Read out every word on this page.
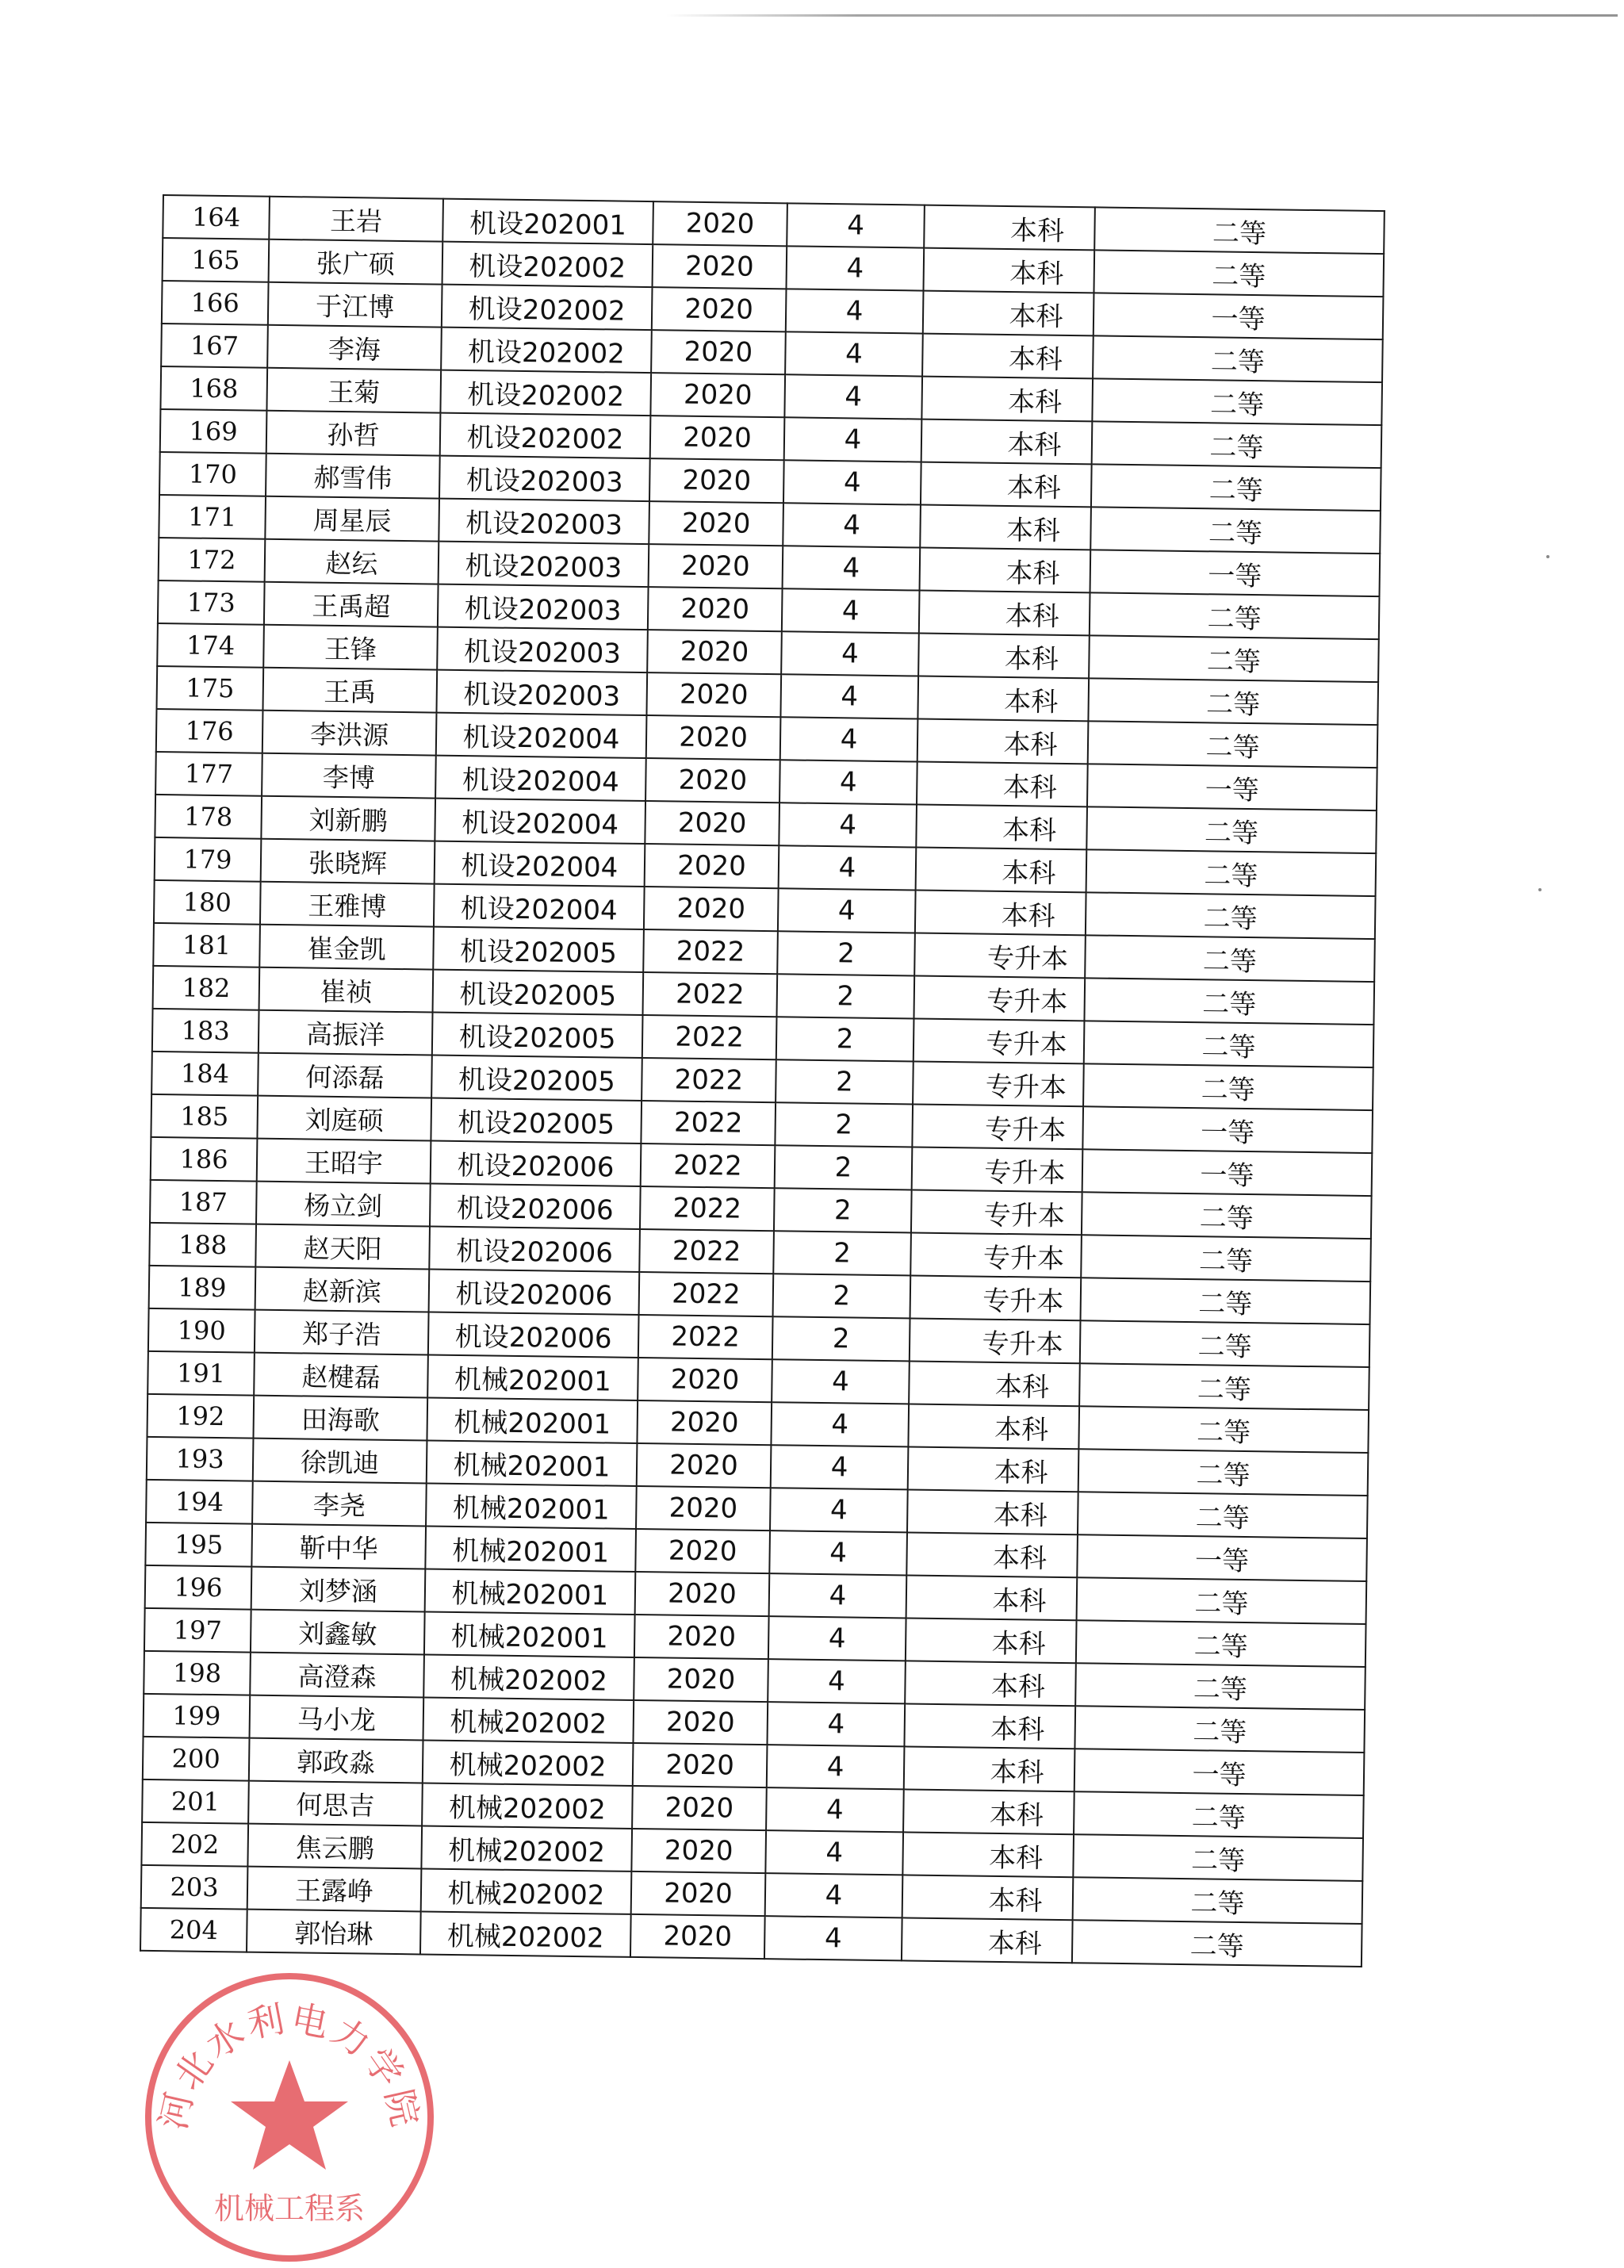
164	王岩	机设202001	2020	4	本科	二等
165	张广硕	机设202002	2020	4	本科	二等
166	于江博	机设202002	2020	4	本科	一等
167	李海	机设202002	2020	4	本科	二等
168	王菊	机设202002	2020	4	本科	二等
169	孙哲	机设202002	2020	4	本科	二等
170	郝雪伟	机设202003	2020	4	本科	二等
171	周星辰	机设202003	2020	4	本科	二等
172	赵纭	机设202003	2020	4	本科	一等
173	王禹超	机设202003	2020	4	本科	二等
174	王锋	机设202003	2020	4	本科	二等
175	王禹	机设202003	2020	4	本科	二等
176	李洪源	机设202004	2020	4	本科	二等
177	李博	机设202004	2020	4	本科	一等
178	刘新鹏	机设202004	2020	4	本科	二等
179	张晓辉	机设202004	2020	4	本科	二等
180	王雅博	机设202004	2020	4	本科	二等
181	崔金凯	机设202005	2022	2	专升本	二等
182	崔祯	机设202005	2022	2	专升本	二等
183	高振洋	机设202005	2022	2	专升本	二等
184	何添磊	机设202005	2022	2	专升本	二等
185	刘庭硕	机设202005	2022	2	专升本	一等
186	王昭宇	机设202006	2022	2	专升本	一等
187	杨立剑	机设202006	2022	2	专升本	二等
188	赵天阳	机设202006	2022	2	专升本	二等
189	赵新滨	机设202006	2022	2	专升本	二等
190	郑子浩	机设202006	2022	2	专升本	二等
191	赵楗磊	机械202001	2020	4	本科	二等
192	田海歌	机械202001	2020	4	本科	二等
193	徐凯迪	机械202001	2020	4	本科	二等
194	李尧	机械202001	2020	4	本科	二等
195	靳中华	机械202001	2020	4	本科	一等
196	刘梦涵	机械202001	2020	4	本科	二等
197	刘鑫敏	机械202001	2020	4	本科	二等
198	高澄森	机械202002	2020	4	本科	二等
199	马小龙	机械202002	2020	4	本科	二等
200	郭政淼	机械202002	2020	4	本科	一等
201	何思吉	机械202002	2020	4	本科	二等
202	焦云鹏	机械202002	2020	4	本科	二等
203	王露峥	机械202002	2020	4	本科	二等
204	郭怡琳	机械202002	2020	4	本科	二等
河北水利电力学院
机械工程系
